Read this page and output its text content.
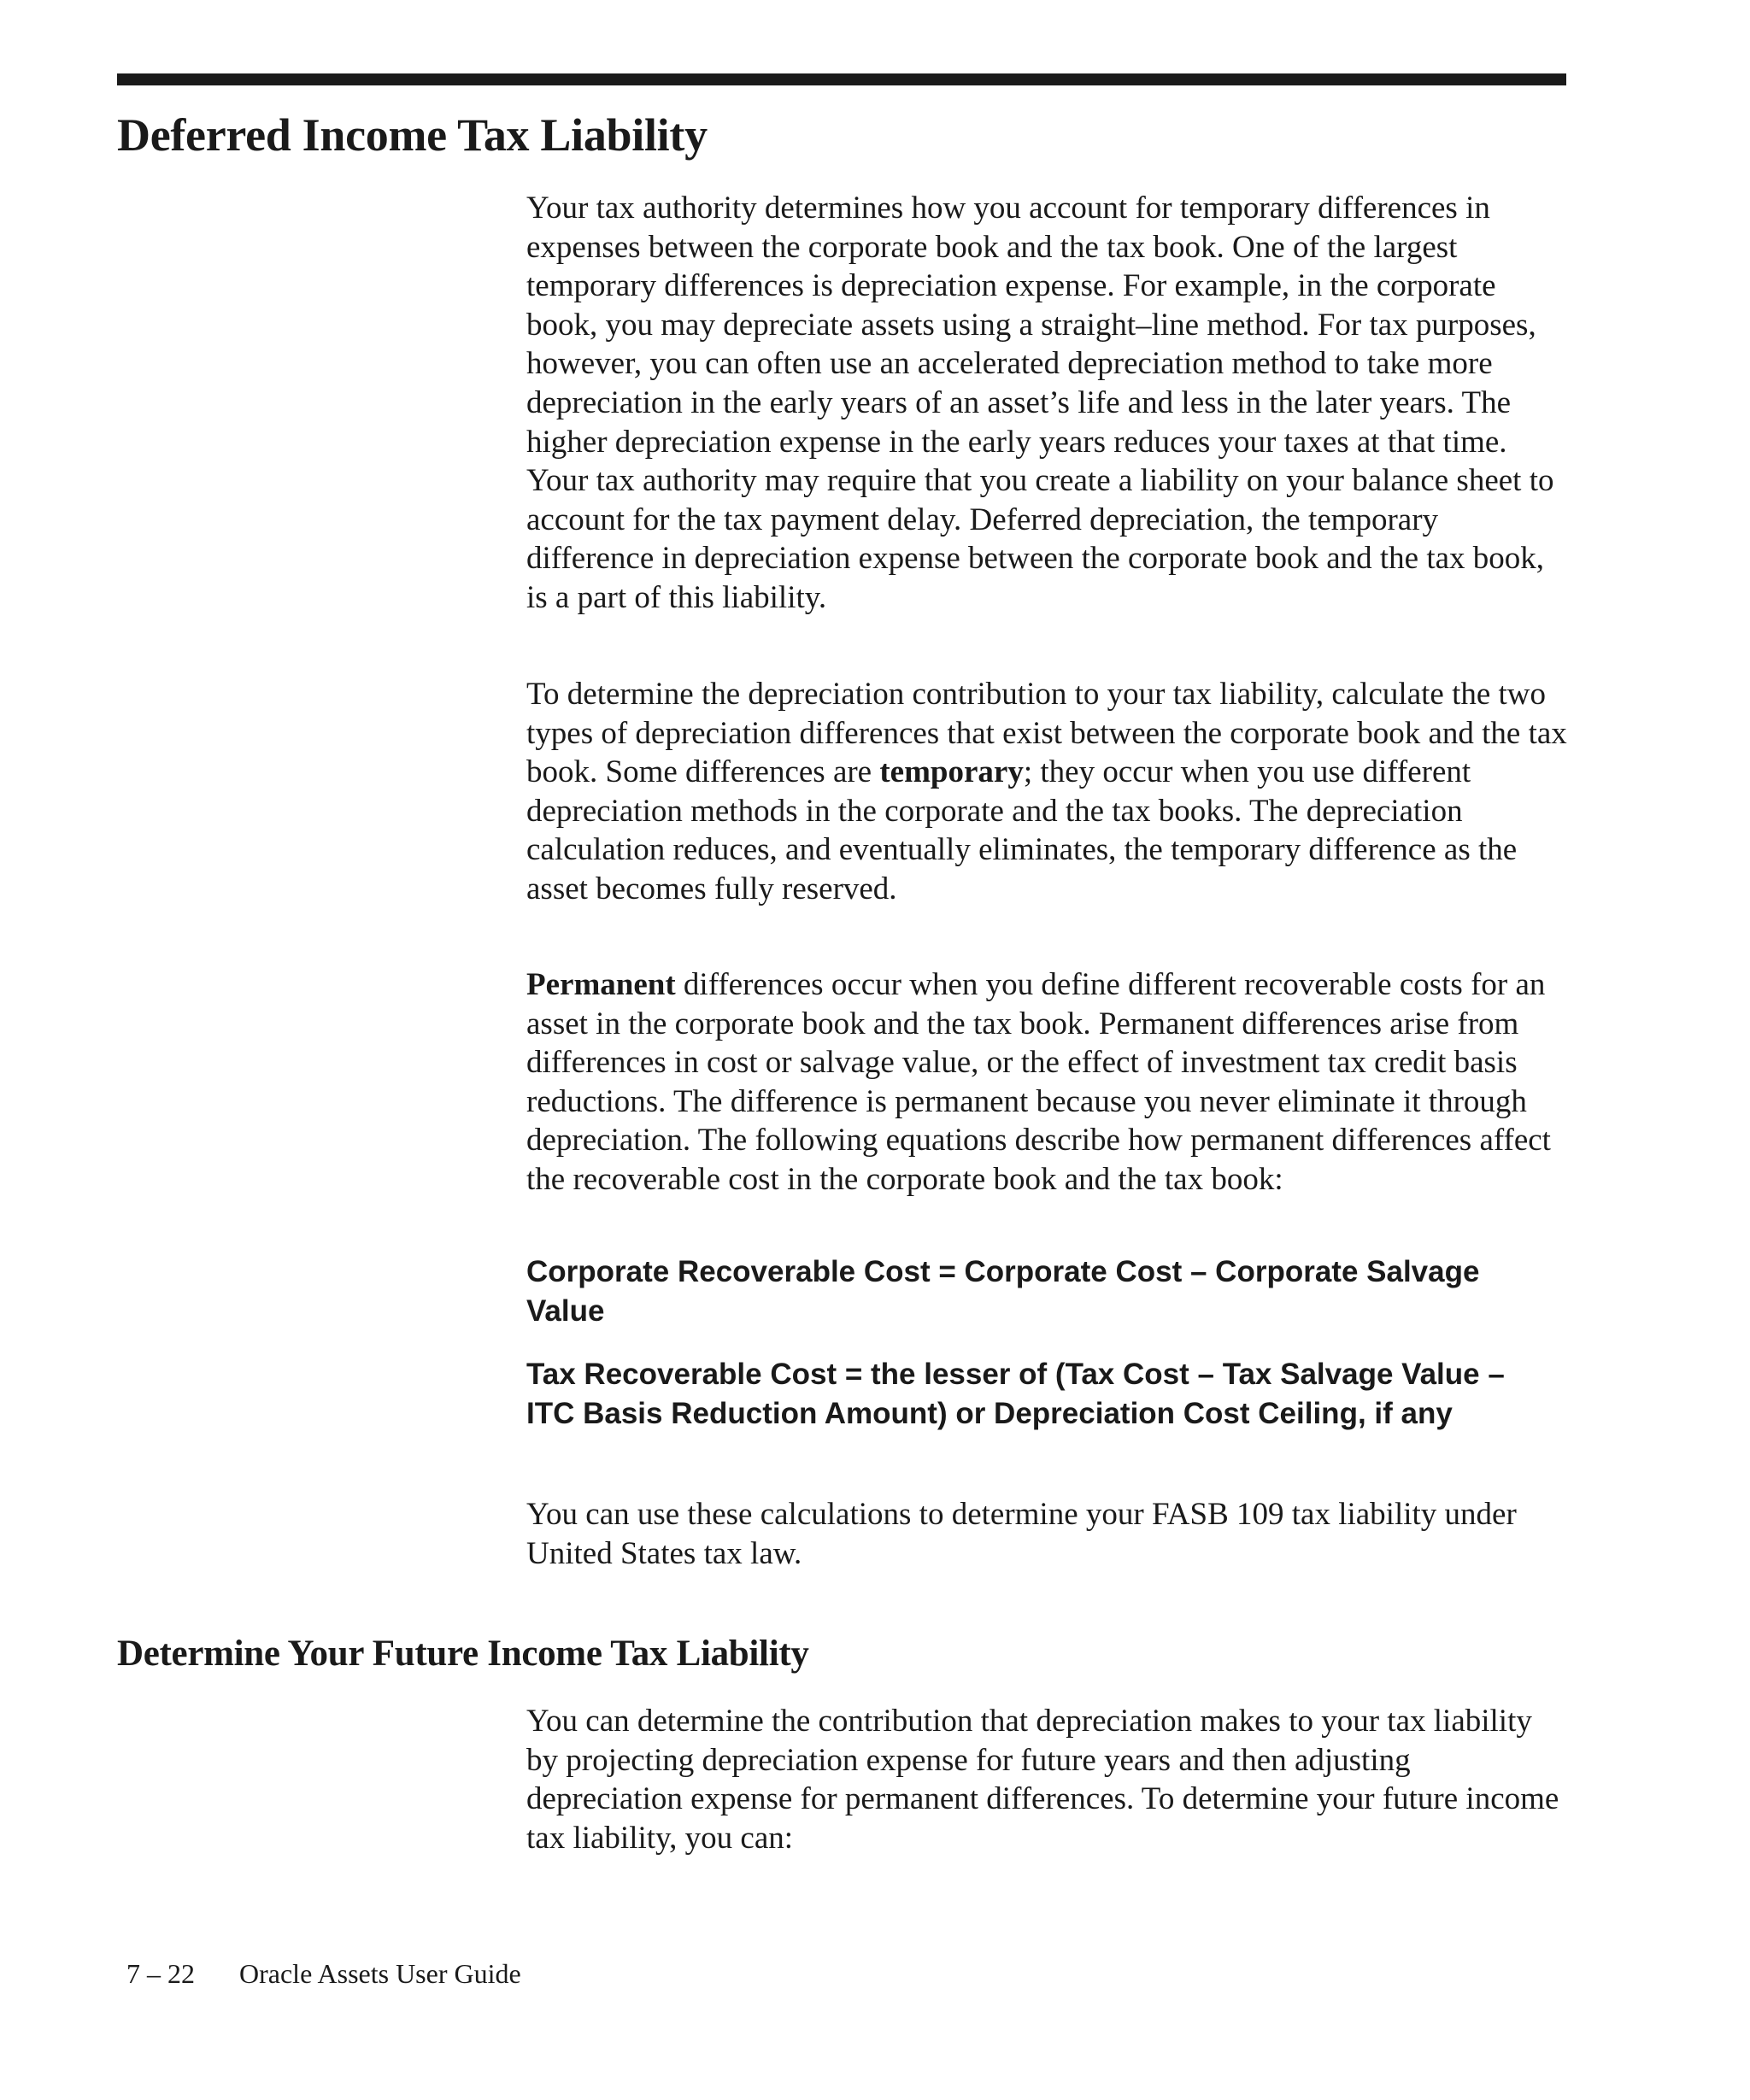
Deferred Income Tax Liability

Your tax authority determines how you account for temporary differences in expenses between the corporate book and the tax book. One of the largest temporary differences is depreciation expense. For example, in the corporate book, you may depreciate assets using a straight–line method. For tax purposes, however, you can often use an accelerated depreciation method to take more depreciation in the early years of an asset’s life and less in the later years. The higher depreciation expense in the early years reduces your taxes at that time. Your tax authority may require that you create a liability on your balance sheet to account for the tax payment delay. Deferred depreciation, the temporary difference in depreciation expense between the corporate book and the tax book, is a part of this liability.

To determine the depreciation contribution to your tax liability, calculate the two types of depreciation differences that exist between the corporate book and the tax book. Some differences are temporary; they occur when you use different depreciation methods in the corporate and the tax books. The depreciation calculation reduces, and eventually eliminates, the temporary difference as the asset becomes fully reserved.

Permanent differences occur when you define different recoverable costs for an asset in the corporate book and the tax book. Permanent differences arise from differences in cost or salvage value, or the effect of investment tax credit basis reductions. The difference is permanent because you never eliminate it through depreciation. The following equations describe how permanent differences affect the recoverable cost in the corporate book and the tax book:

Corporate Recoverable Cost = Corporate Cost – Corporate Salvage Value

Tax Recoverable Cost = the lesser of (Tax Cost – Tax Salvage Value – ITC Basis Reduction Amount) or Depreciation Cost Ceiling, if any

You can use these calculations to determine your FASB 109 tax liability under United States tax law.

Determine Your Future Income Tax Liability

You can determine the contribution that depreciation makes to your tax liability by projecting depreciation expense for future years and then adjusting depreciation expense for permanent differences. To determine your future income tax liability, you can:

7 – 22 Oracle Assets User Guide
